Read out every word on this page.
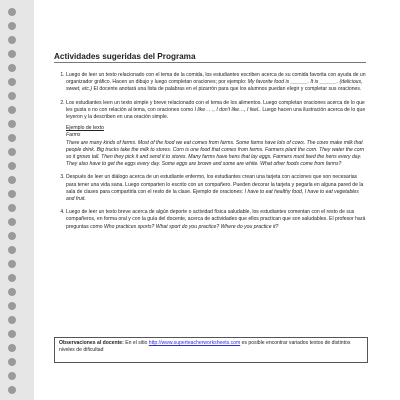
Actividades sugeridas del Programa
1. Luego de leer un texto relacionado con el tema de la comida, los estudiantes escriben acerca de su comida favorita con ayuda de un organizador gráfico. Hacen un dibujo y luego completan oraciones; por ejemplo: My favorite food is ______. It is ______. (delicious, sweet, etc.) El docente anotará una lista de palabras en el pizarrón para que los alumnos puedan elegir y completar sus oraciones.
2. Los estudiantes leen un texto simple y breve relacionado con el tema de los alimentos. Luego completan oraciones acerca de lo que les gusta o no con relación al tema, con oraciones como I like . . ., I don't like…, I feel.. Luego hacen una ilustración acerca de lo que leyeron y la describen en una oración simple.
Ejemplo de texto
Farms
There are many kinds of farms. Most of the food we eat comes from farms. Some farms have lots of cows. The cows make milk that people drink. Big trucks take the milk to stores. Corn is one food that comes from farms. Farmers plant the corn. They water the corn so it grows tall. Then they pick it and send it to stores. Many farms have hens that lay eggs. Farmers must feed the hens every day. They also have to get the eggs every day. Some eggs are brown and some are white. What other foods come from farms?
3. Después de leer un diálogo acerca de un estudiante enfermo, los estudiantes crean una tarjeta con acciones que son necesarias para tener una vida sana. Luego comparten lo escrito con un compañero. Pueden decorar la tarjeta y pegarla en alguna pared de la sala de clases para compartirla con el resto de la clase. Ejemplo de oraciones: I have to eat healthy food, I have to eat vegetables and fruit.
4. Luego de leer un texto breve acerca de algún deporte o actividad física saludable, los estudiantes comentan con el resto de sus compañeros, en forma oral y con la guía del docente, acerca de actividades que ellos practican que son saludables. El profesor hará preguntas como Who practices sports? What sport do you practice? Where do you practice it?
Observaciones al docente: En el sitio http://www.superteacherworksheets.com es posible encontrar variados textos de distintos niveles de dificultad
